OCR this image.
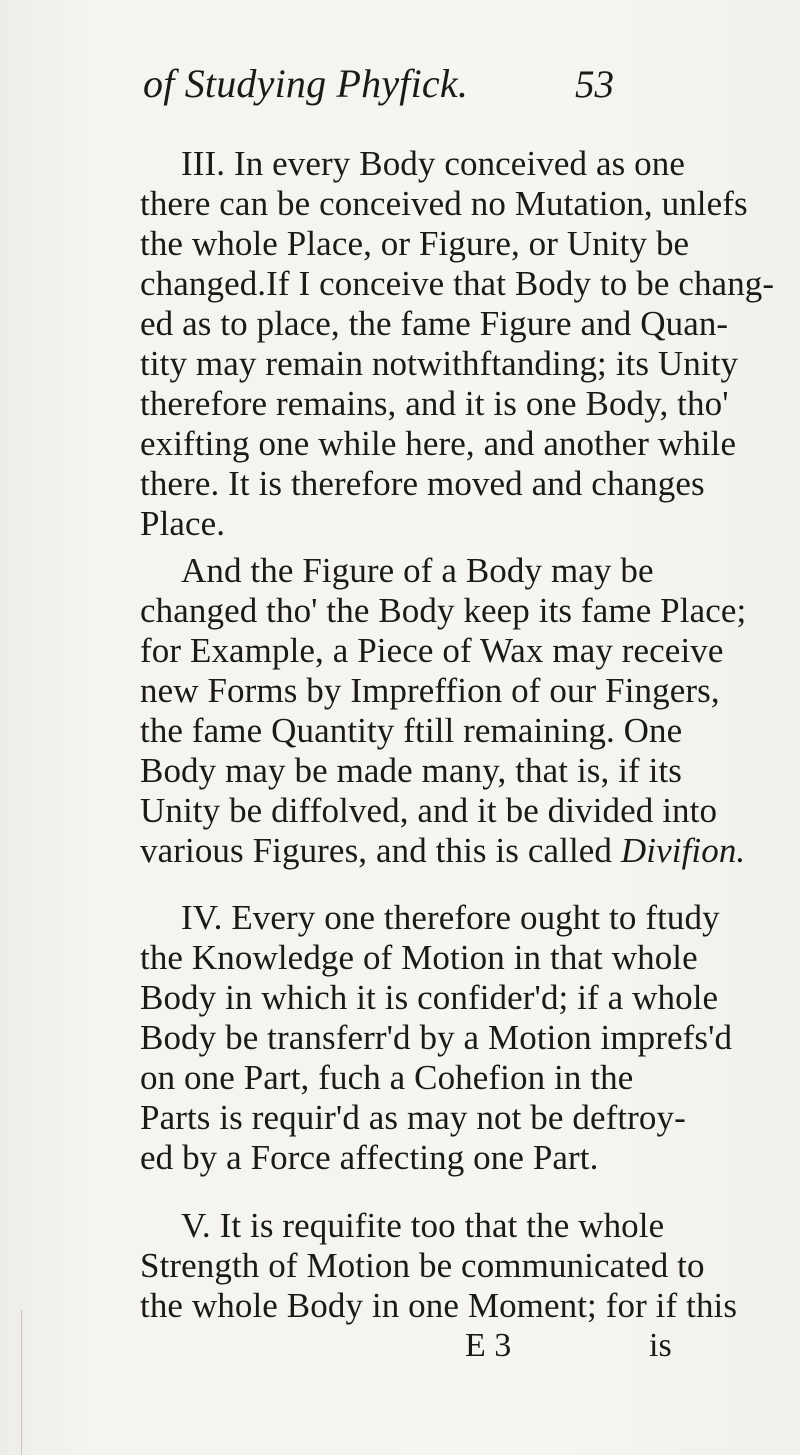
of Studying Phyfick.	53
III. In every Body conceived as one
there can be conceived no Mutation, unlefs
the whole Place, or Figure, or Unity be
changed.If I conceive that Body to be chang-
ed as to place, the fame Figure and Quan-
tity may remain notwithftanding; its Unity
therefore remains, and it is one Body, tho'
exifting one while here, and another while
there. It is therefore moved and changes
Place.
And the Figure of a Body may be
changed tho' the Body keep its fame Place;
for Example, a Piece of Wax may receive
new Forms by Impreffion of our Fingers,
the fame Quantity ftill remaining. One
Body may be made many, that is, if its
Unity be diffolved, and it be divided into
various Figures, and this is called Divifion.
IV. Every one therefore ought to ftudy
the Knowledge of Motion in that whole
Body in which it is confider'd; if a whole
Body be transferr'd by a Motion imprefs'd
on one Part, fuch a Cohefion in the
Parts is requir'd as may not be deftroy-
ed by a Force affecting one Part.
V. It is requifite too that the whole
Strength of Motion be communicated to
the whole Body in one Moment; for if this
E 3	is
